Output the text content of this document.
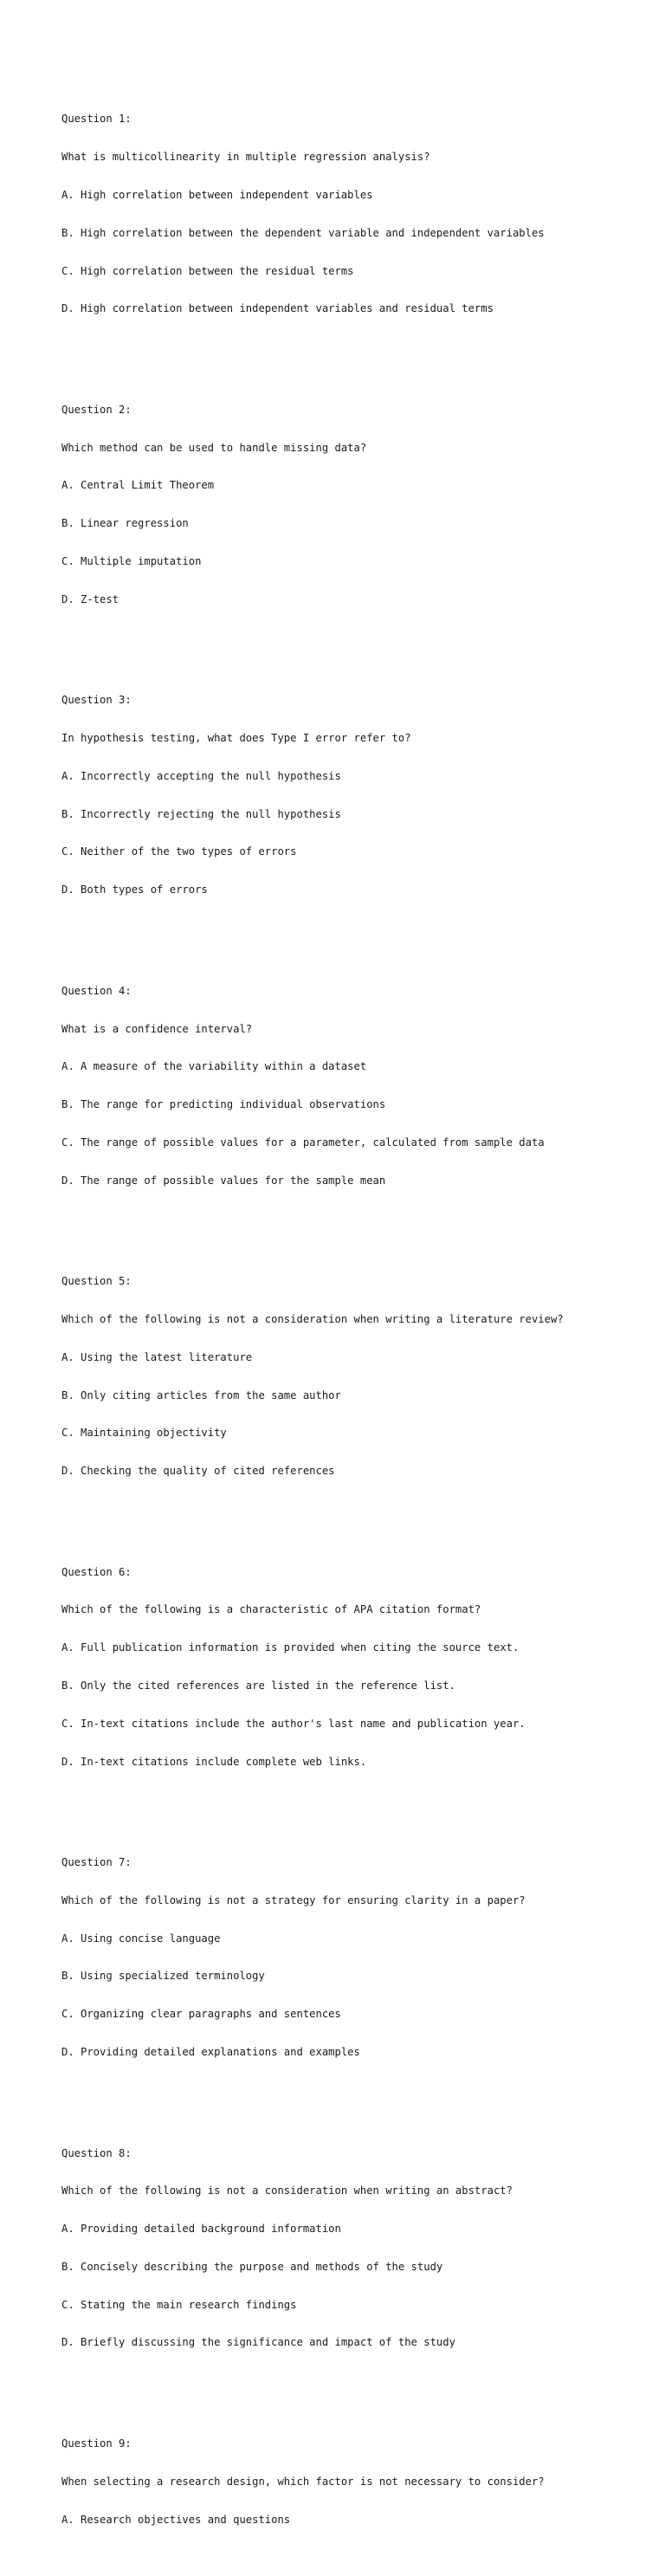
Question 1:

What is multicollinearity in multiple regression analysis?

A. High correlation between independent variables

B. High correlation between the dependent variable and independent variables

C. High correlation between the residual terms

D. High correlation between independent variables and residual terms

Question 2:

Which method can be used to handle missing data?

A. Central Limit Theorem

B. Linear regression

C. Multiple imputation

D. Z-test

Question 3:

In hypothesis testing, what does Type I error refer to?

A. Incorrectly accepting the null hypothesis

B. Incorrectly rejecting the null hypothesis

C. Neither of the two types of errors

D. Both types of errors

Question 4:

What is a confidence interval?

A. A measure of the variability within a dataset

B. The range for predicting individual observations

C. The range of possible values for a parameter, calculated from sample data

D. The range of possible values for the sample mean

Question 5:

Which of the following is not a consideration when writing a literature review?

A. Using the latest literature

B. Only citing articles from the same author

C. Maintaining objectivity

D. Checking the quality of cited references

Question 6:

Which of the following is a characteristic of APA citation format?

A. Full publication information is provided when citing the source text.

B. Only the cited references are listed in the reference list.

C. In-text citations include the author's last name and publication year.

D. In-text citations include complete web links.

Question 7:

Which of the following is not a strategy for ensuring clarity in a paper?

A. Using concise language

B. Using specialized terminology

C. Organizing clear paragraphs and sentences

D. Providing detailed explanations and examples

Question 8:

Which of the following is not a consideration when writing an abstract?

A. Providing detailed background information

B. Concisely describing the purpose and methods of the study

C. Stating the main research findings

D. Briefly discussing the significance and impact of the study

Question 9:

When selecting a research design, which factor is not necessary to consider?

A. Research objectives and questions
